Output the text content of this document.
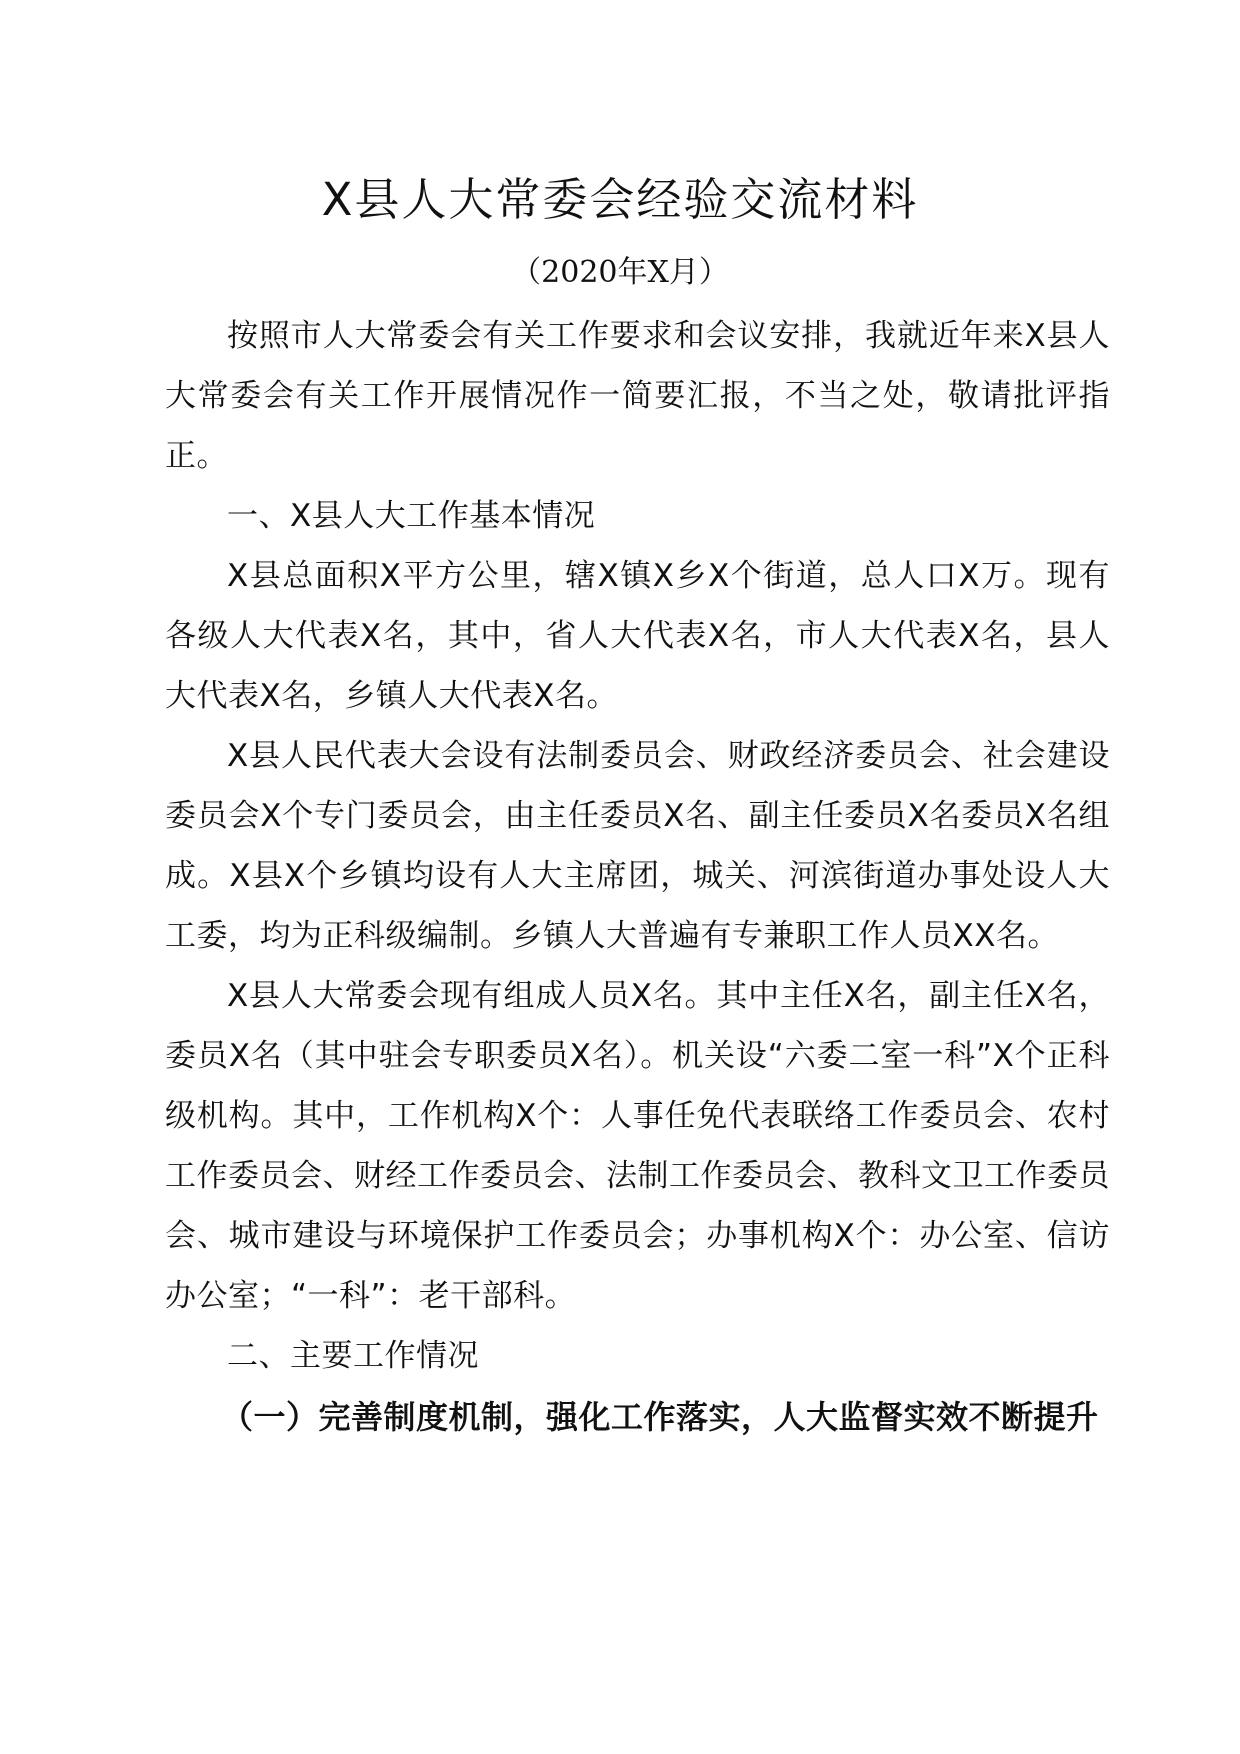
X县人大常委会经验交流材料
（2020年X月）

按照市人大常委会有关工作要求和会议安排，我就近年来X县人大常委会有关工作开展情况作一简要汇报，不当之处，敬请批评指正。

一、X县人大工作基本情况

X县总面积X平方公里，辖X镇X乡X个街道，总人口X万。现有各级人大代表X名，其中，省人大代表X名，市人大代表X名，县人大代表X名，乡镇人大代表X名。

X县人民代表大会设有法制委员会、财政经济委员会、社会建设委员会X个专门委员会，由主任委员X名、副主任委员X名委员X名组成。X县X个乡镇均设有人大主席团，城关、河滨街道办事处设人大工委，均为正科级编制。乡镇人大普遍有专兼职工作人员XX名。

X县人大常委会现有组成人员X名。其中主任X名，副主任X名，委员X名（其中驻会专职委员X名）。机关设“六委二室一科”X个正科级机构。其中，工作机构X个：人事任免代表联络工作委员会、农村工作委员会、财经工作委员会、法制工作委员会、教科文卫工作委员会、城市建设与环境保护工作委员会；办事机构X个：办公室、信访办公室；“一科”：老干部科。

二、主要工作情况

（一）完善制度机制，强化工作落实，人大监督实效不断提升
